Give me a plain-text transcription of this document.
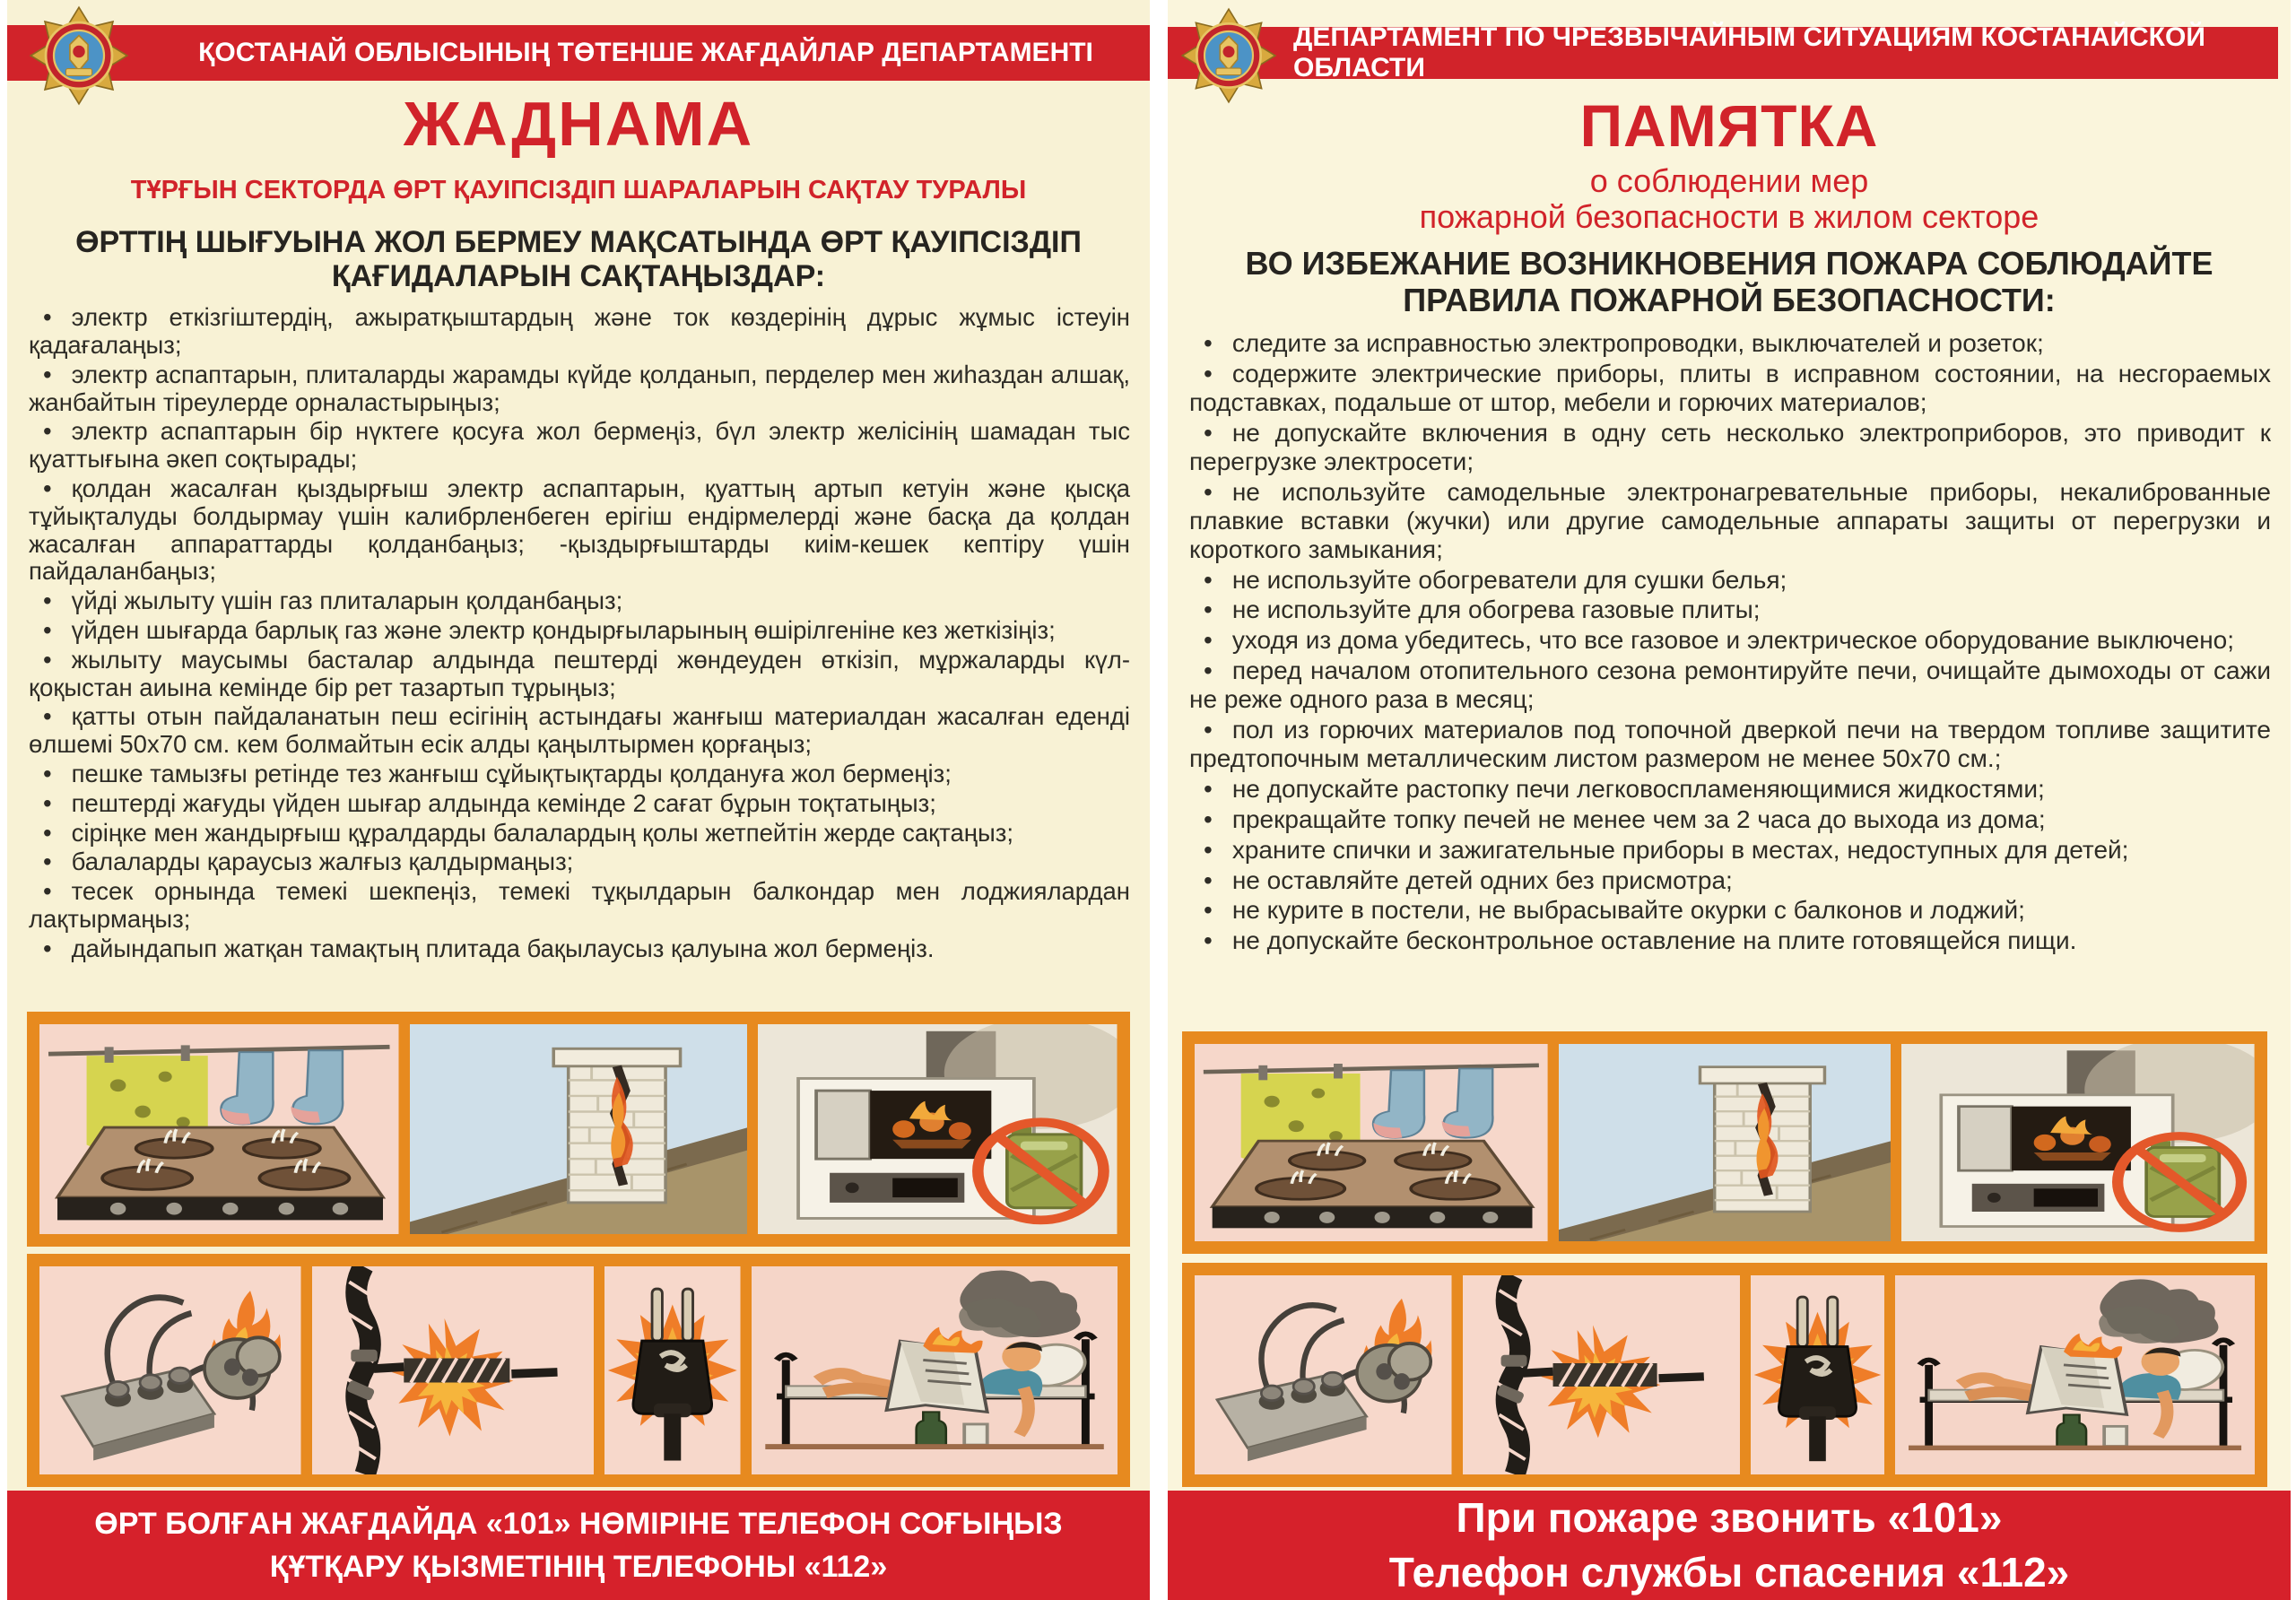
ҚОСТАНАЙ ОБЛЫСЫНЫҢ ТӨТЕНШЕ ЖАҒДАЙЛАР ДЕПАРТАМЕНТІ
ЖАДНАМА
ТҰРҒЫН СЕКТОРДА ӨРТ ҚАУІПСІЗДІП ШАРАЛАРЫН САҚТАУ ТУРАЛЫ
ӨРТТІҢ ШЫҒУЫНА ЖОЛ БЕРМЕУ МАҚСАТЫНДА ӨРТ ҚАУІПСІЗДІП ҚАҒИДАЛАРЫН САҚТАҢЫЗДАР:
• электр еткізгіштердің, ажыратқыштардың және ток көздерінің дұрыс жұмыс істеуін қадағалаңыз;
• электр аспаптарын, плиталарды жарамды күйде қолданып, перделер мен жиһаздан алшақ, жанбайтын тіреулерде орналастырыңыз;
• электр аспаптарын бір нүктеге қосуға жол бермеңіз, бүл электр желісінің шамадан тыс қуаттығына әкеп соқтырады;
• қолдан жасалған қыздырғыш электр аспаптарын, қуаттың артып кетуін және қысқа тұйықталуды болдырмау үшін калибрленбеген ерігіш ендірмелерді және басқа да қолдан жасалған аппараттарды қолданбаңыз; -қыздырғыштарды киім-кешек кептіру үшін пайдаланбаңыз;
• үйді жылыту үшін газ плиталарын қолданбаңыз;
• үйден шығарда барлық газ және электр қондырғыларының өшірілгеніне кез жеткізіңіз;
• жылыту маусымы басталар алдында пештерді жөндеуден өткізіп, мұржаларды күл-қоқыстан аиына кемінде бір рет тазартып тұрыңыз;
• қатты отын пайдаланатын пеш есігінің астындағы жанғыш материалдан жасалған еденді өлшемі 50х70 см. кем болмайтын есік алды қаңылтырмен қорғаңыз;
• пешке тамызғы ретінде тез жанғыш сұйықтықтарды қолдануға жол бермеңіз;
• пештерді жағуды үйден шығар алдында кемінде 2 сағат бұрын тоқтатыңыз;
• сіріңке мен жандырғыш құралдарды балалардың қолы жетпейтін жерде сақтаңыз;
• балаларды қараусыз жалғыз қалдырмаңыз;
• тесек орнында темекі шекпеңіз, темекі тұқылдарын балкондар мен лоджиялардан лақтырмаңыз;
• дайындапып жатқан тамақтың плитада бақылаусыз қалуына жол бермеңіз.
ӨРТ БОЛҒАН ЖАҒДАЙДА «101» НӨМІРІНЕ ТЕЛЕФОН СОҒЫҢЫЗ
ҚҰТҚАРУ ҚЫЗМЕТІНІҢ ТЕЛЕФОНЫ «112»
ДЕПАРТАМЕНТ ПО ЧРЕЗВЫЧАЙНЫМ СИТУАЦИЯМ КОСТАНАЙСКОЙ ОБЛАСТИ
ПАМЯТКА
о соблюдении мер
пожарной безопасности в жилом секторе
ВО ИЗБЕЖАНИЕ ВОЗНИКНОВЕНИЯ ПОЖАРА СОБЛЮДАЙТЕ ПРАВИЛА ПОЖАРНОЙ БЕЗОПАСНОСТИ:
• следите за исправностью электропроводки, выключателей и розеток;
• содержите электрические приборы, плиты в исправном состоянии, на несгораемых подставках, подальше от штор, мебели и горючих материалов;
• не допускайте включения в одну сеть несколько электроприборов, это приводит к перегрузке электросети;
• не используйте самодельные электронагревательные приборы, некалиброванные плавкие вставки (жучки) или другие самодельные аппараты защиты от перегрузки и короткого замыкания;
• не используйте обогреватели для сушки белья;
• не используйте для обогрева газовые плиты;
• уходя из дома убедитесь, что все газовое и электрическое оборудование выключено;
• перед началом отопительного сезона ремонтируйте печи, очищайте дымоходы от сажи не реже одного раза в месяц;
• пол из горючих материалов под топочной дверкой печи на твердом топливе защитите предтопочным металлическим листом размером не менее 50х70 см.;
• не допускайте растопку печи легковоспламеняющимися жидкостями;
• прекращайте топку печей не менее чем за 2 часа до выхода из дома;
• храните спички и зажигательные приборы в местах, недоступных для детей;
• не оставляйте детей одних без присмотра;
• не курите в постели, не выбрасывайте окурки с балконов и лоджий;
• не допускайте бесконтрольное оставление на плите готовящейся пищи.
При пожаре звонить «101»
Телефон службы спасения «112»
